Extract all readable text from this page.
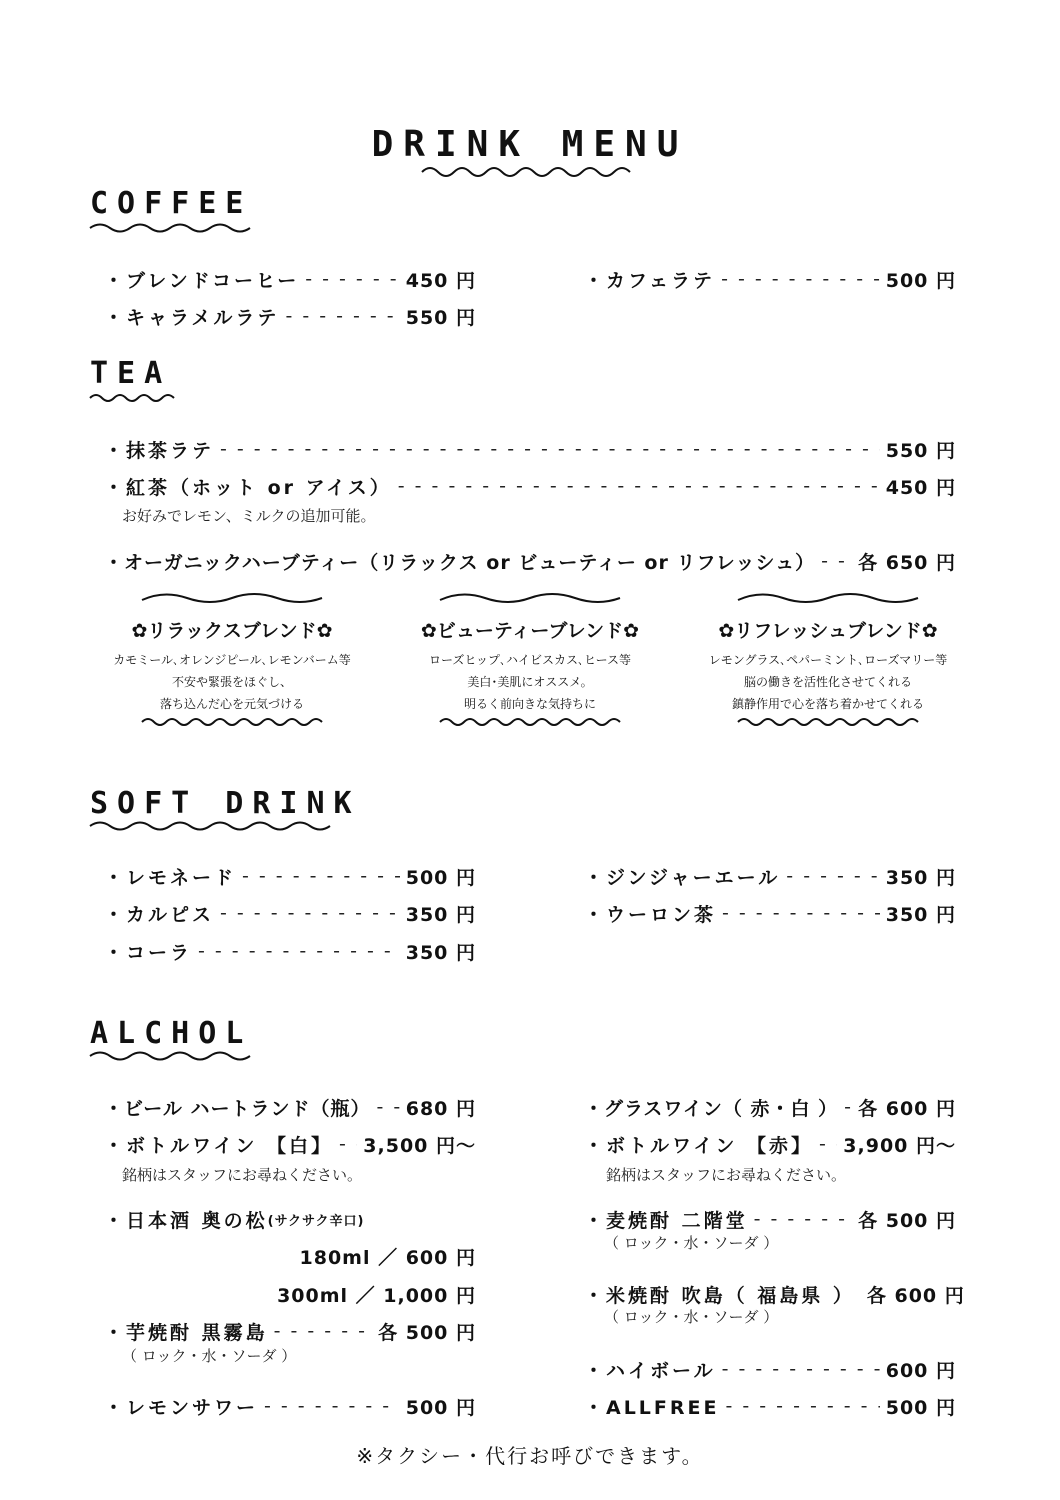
DRINK MENU
COFFEE
・ブレンドコーヒー - - -	450 円	・カフェラテ - - -	500 円
・キャラメルラテ - - -	550 円
TEA
・抹茶ラテ - - -	550 円
・紅茶（ホット or アイス） - - -	450 円
お好みでレモン、ミルクの追加可能。
・オーガニックハーブティー（リラックス or ビューティー or リフレッシュ） - - - 各 650 円
✿リラックスブレンド✿
カモミール､オレンジピール､レモンバーム等
不安や緊張をほぐし、
落ち込んだ心を元気づける
✿ビューティーブレンド✿
ローズヒップ､ハイビスカス､ヒース等
美白･美肌にオススメ。
明るく前向きな気持ちに
✿リフレッシュブレンド✿
レモングラス､ペパーミント､ローズマリー等
脳の働きを活性化させてくれる
鎮静作用で心を落ち着かせてくれる
SOFT DRINK
・レモネード - - -	500 円	・ジンジャーエール - - -	350 円
・カルピス - - -	350 円	・ウーロン茶 - - -	350 円
・コーラ - - -	350 円
ALCHOL
・ビール ハートランド（瓶） - - - 680 円	・グラスワイン（ 赤・白 ） - - - 各 600 円
・ボトルワイン 【白】 - - - 3,500 円～	・ボトルワイン 【赤】 - - - 3,900 円～
銘柄はスタッフにお尋ねください。	銘柄はスタッフにお尋ねください。
・日本酒 奥の松 (サクサク辛口)
180ml ／ 600 円
300ml ／ 1,000 円
・麦焼酎 二階堂 - - -	各 500 円
（ ロック・水・ソーダ ）
・米焼酎 吹島（ 福島県 ） 各 600 円
（ ロック・水・ソーダ ）
・芋焼酎 黒霧島 - - -	各 500 円
（ ロック・水・ソーダ ）
・ハイボール - - -	600 円
・レモンサワー - - -	500 円	・ALLFREE - - -	500 円
※タクシー・代行お呼びできます。
